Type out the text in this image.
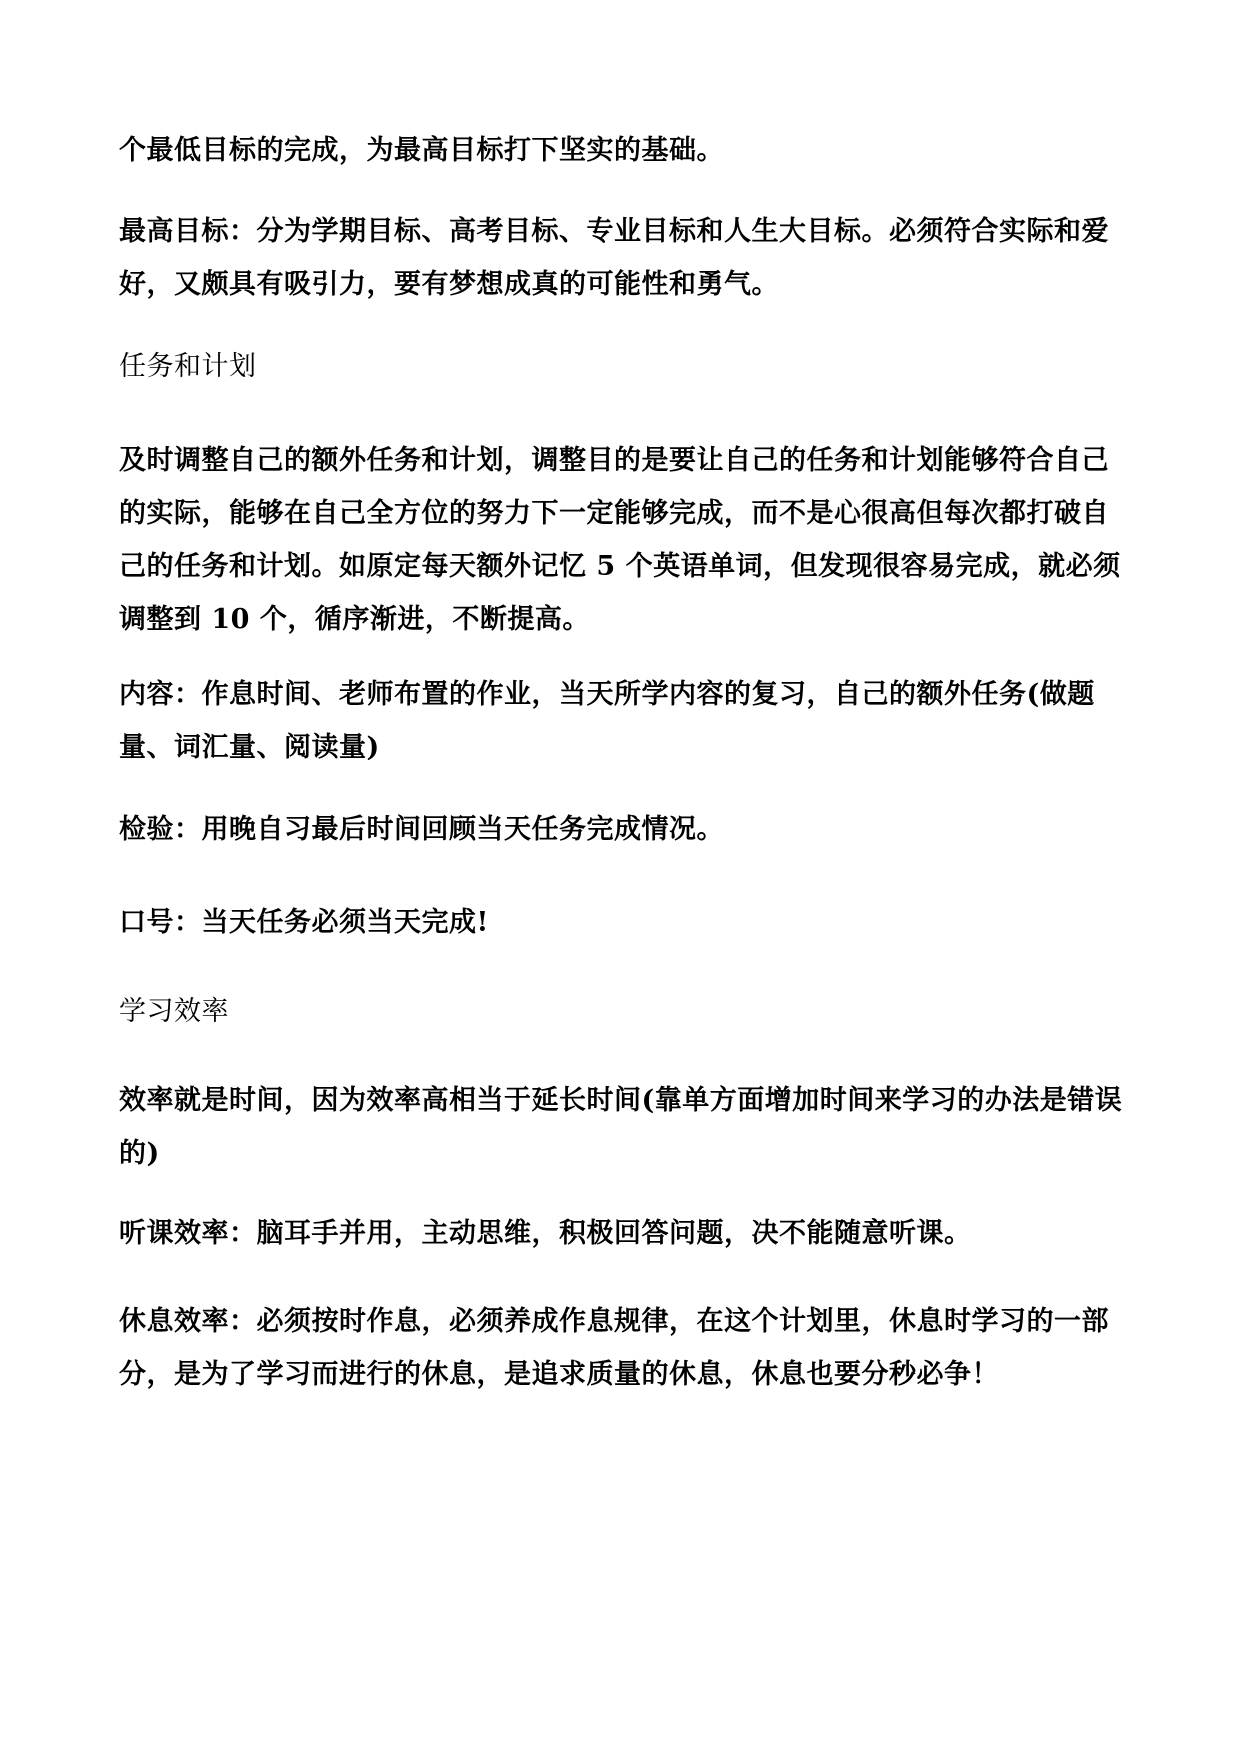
个最低目标的完成，为最高目标打下坚实的基础。

最高目标：分为学期目标、高考目标、专业目标和人生大目标。必须符合实际和爱好，又颇具有吸引力，要有梦想成真的可能性和勇气。

任务和计划

及时调整自己的额外任务和计划，调整目的是要让自己的任务和计划能够符合自己的实际，能够在自己全方位的努力下一定能够完成，而不是心很高但每次都打破自己的任务和计划。如原定每天额外记忆 5 个英语单词，但发现很容易完成，就必须调整到 10 个，循序渐进，不断提高。

内容：作息时间、老师布置的作业，当天所学内容的复习，自己的额外任务(做题量、词汇量、阅读量)

检验：用晚自习最后时间回顾当天任务完成情况。

口号：当天任务必须当天完成!

学习效率

效率就是时间，因为效率高相当于延长时间(靠单方面增加时间来学习的办法是错误的)

听课效率：脑耳手并用，主动思维，积极回答问题，决不能随意听课。

休息效率：必须按时作息，必须养成作息规律，在这个计划里，休息时学习的一部分，是为了学习而进行的休息，是追求质量的休息，休息也要分秒必争！
